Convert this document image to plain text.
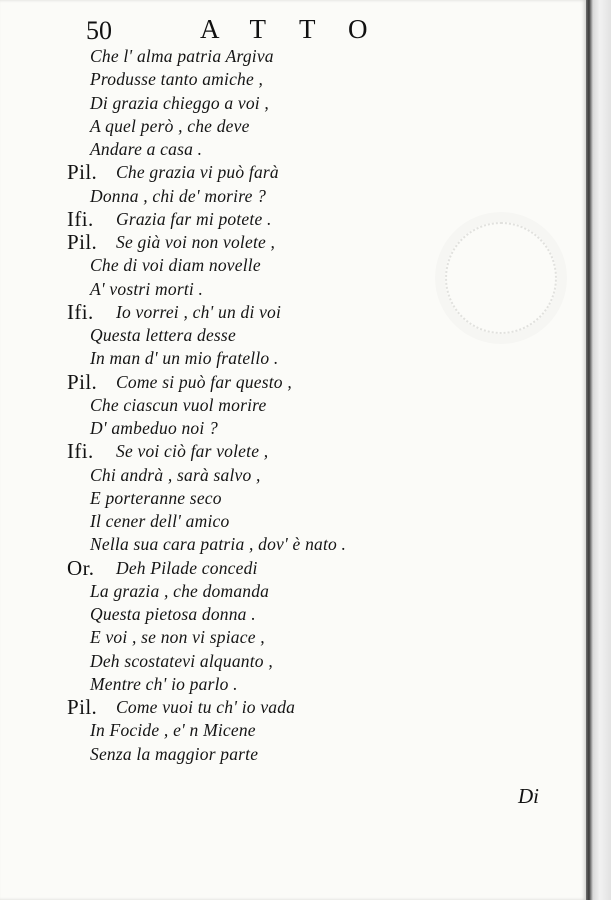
50	ATTO
Che l' alma patria Argiva
Produsse tanto amiche ,
Di grazia chieggo a voi ,
A quel però , che deve
Andare a casa .
Pil. Che grazia vi può farà
Donna , chi de' morire ?
Ifi. Grazia far mi potete .
Pil. Se già voi non volete ,
Che di voi diam novelle
A' vostri morti .
Ifi. Io vorrei , ch' un di voi
Questa lettera desse
In man d' un mio fratello .
Pil. Come si può far questo ,
Che ciascun vuol morire
D' ambeduo noi ?
Ifi. Se voi ciò far volete ,
Chi andrà , sarà salvo ,
E porteranne seco
Il cener dell' amico
Nella sua cara patria , dov' è nato .
Or. Deh Pilade concedi
La grazia , che domanda
Questa pietosa donna .
E voi , se non vi spiace ,
Deh scostatevi alquanto ,
Mentre ch' io parlo .
Pil. Come vuoi tu ch' io vada
In Focide , e' n Micene
Senza la maggior parte
Di
